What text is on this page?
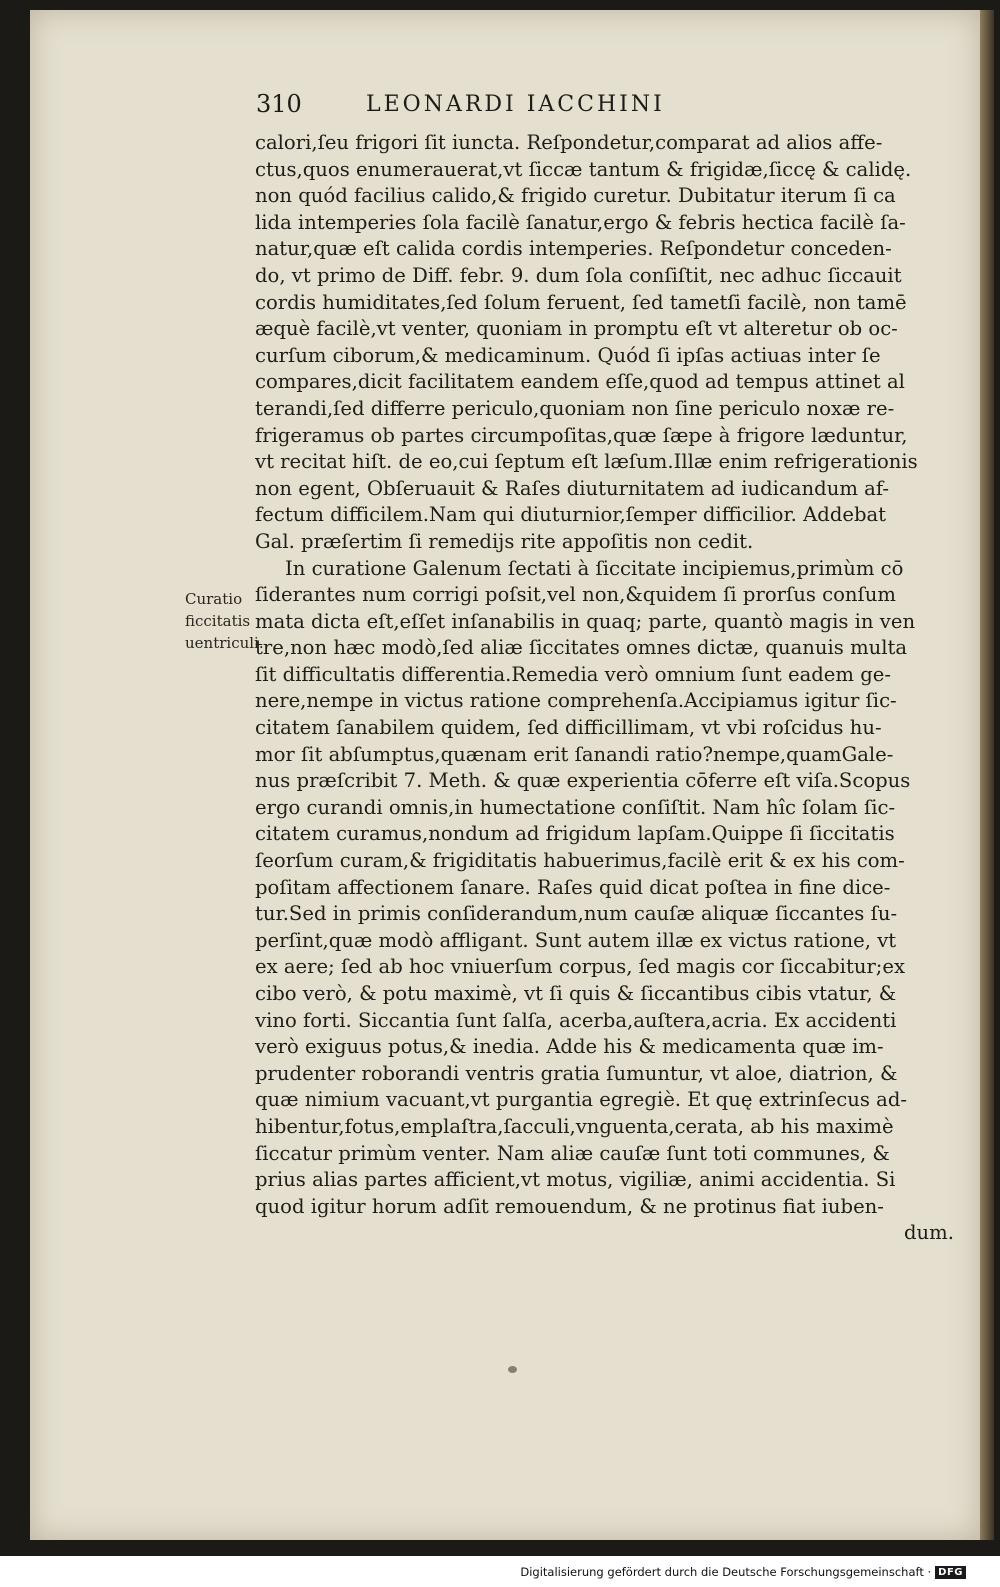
310	LEONARDI IACCHINI
Curatio
ficcitatis
uentriculi.
calori,ſeu frigori ſit iuncta. Reſpondetur,comparat ad alios affe-
ctus,quos enumerauerat,vt ſiccæ tantum & frigidæ,ſiccę & calidę.
non quód facilius calido,& frigido curetur. Dubitatur iterum ſi ca
lida intemperies ſola facilè ſanatur,ergo & febris hectica facilè ſa-
natur,quæ eſt calida cordis intemperies. Reſpondetur conceden-
do, vt primo de Diff. febr. 9. dum ſola conſiſtit, nec adhuc ſiccauit
cordis humiditates,ſed ſolum feruent, ſed tametſi facilè, non tamē
æquè facilè,vt venter, quoniam in promptu eſt vt alteretur ob oc-
curſum ciborum,& medicaminum. Quód ſi ipſas actiuas inter ſe
compares,dicit facilitatem eandem eſſe,quod ad tempus attinet al
terandi,ſed differre periculo,quoniam non ſine periculo noxæ re-
frigeramus ob partes circumpoſitas,quæ ſæpe à frigore læduntur,
vt recitat hiſt. de eo,cui ſeptum eſt læſum.Illæ enim refrigerationis
non egent, Obſeruauit & Raſes diuturnitatem ad iudicandum af-
fectum difficilem.Nam qui diuturnior,ſemper difficilior. Addebat
Gal. præſertim ſi remedijs rite appoſitis non cedit.
In curatione Galenum ſectati à ſiccitate incipiemus,primùm cō
ſiderantes num corrigi poſsit,vel non,&quidem ſi prorſus conſum
mata dicta eſt,eſſet inſanabilis in quaq; parte, quantò magis in ven
tre,non hæc modò,ſed aliæ ſiccitates omnes dictæ, quanuis multa
ſit difficultatis differentia.Remedia verò omnium ſunt eadem ge-
nere,nempe in victus ratione comprehenſa.Accipiamus igitur ſic-
citatem ſanabilem quidem, ſed difficillimam, vt vbi roſcidus hu-
mor ſit abſumptus,quænam erit ſanandi ratio?nempe,quamGale-
nus præſcribit 7. Meth. & quæ experientia cōferre eſt viſa.Scopus
ergo curandi omnis,in humectatione conſiſtit. Nam hîc ſolam ſic-
citatem curamus,nondum ad frigidum lapſam.Quippe ſi ſiccitatis
ſeorſum curam,& frigiditatis habuerimus,facilè erit & ex his com-
poſitam affectionem ſanare. Raſes quid dicat poſtea in fine dice-
tur.Sed in primis conſiderandum,num cauſæ aliquæ ſiccantes ſu-
perſint,quæ modò affligant. Sunt autem illæ ex victus ratione, vt
ex aere; ſed ab hoc vniuerſum corpus, ſed magis cor ſiccabitur;ex
cibo verò, & potu maximè, vt ſi quis & ſiccantibus cibis vtatur, &
vino forti. Siccantia ſunt ſalſa, acerba,auſtera,acria. Ex accidenti
verò exiguus potus,& inedia. Adde his & medicamenta quæ im-
prudenter roborandi ventris gratia ſumuntur, vt aloe, diatrion, &
quæ nimium vacuant,vt purgantia egregiè. Et quę extrinſecus ad-
hibentur,fotus,emplaſtra,ſacculi,vnguenta,cerata, ab his maximè
ſiccatur primùm venter. Nam aliæ cauſæ ſunt toti communes, &
prius alias partes afficient,vt motus, vigiliæ, animi accidentia. Si
quod igitur horum adſit remouendum, & ne protinus fiat iuben-
dum.
Digitalisierung gefördert durch die Deutsche Forschungsgemeinschaft · DFG
